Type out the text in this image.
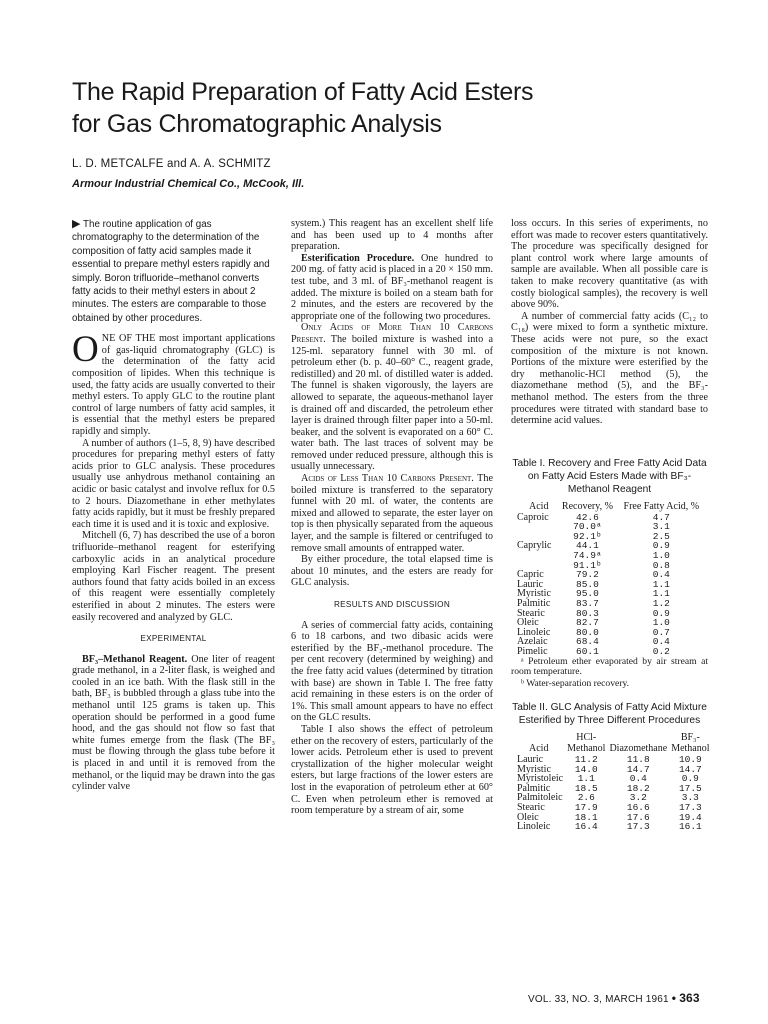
The Rapid Preparation of Fatty Acid Esters
for Gas Chromatographic Analysis
L. D. METCALFE and A. A. SCHMITZ
Armour Industrial Chemical Co., McCook, Ill.

▶ The routine application of gas chromatography to the determination of the composition of fatty acid samples made it essential to prepare methyl esters rapidly and simply. Boron trifluoride–methanol converts fatty acids to their methyl esters in about 2 minutes. The esters are comparable to those obtained by other procedures.

ONE OF THE most important applications of gas-liquid chromatography (GLC) is the determination of the fatty acid composition of lipides. When this technique is used, the fatty acids are usually converted to their methyl esters. To apply GLC to the routine plant control of large numbers of fatty acid samples, it is essential that the methyl esters be prepared rapidly and simply.

A number of authors (1–5, 8, 9) have described procedures for preparing methyl esters of fatty acids prior to GLC analysis. These procedures usually use anhydrous methanol containing an acidic or basic catalyst and involve reflux for 0.5 to 2 hours. Diazomethane in ether methylates fatty acids rapidly, but it must be freshly prepared each time it is used and it is toxic and explosive.

Mitchell (6, 7) has described the use of a boron trifluoride–methanol reagent for esterifying carboxylic acids in an analytical procedure employing Karl Fischer reagent. The present authors found that fatty acids boiled in an excess of this reagent were essentially completely esterified in about 2 minutes. The esters were easily recovered and analyzed by GLC.

EXPERIMENTAL

BF₃–Methanol Reagent. One liter of reagent grade methanol, in a 2-liter flask, is weighed and cooled in an ice bath. With the flask still in the bath, BF₃ is bubbled through a glass tube into the methanol until 125 grams is taken up. This operation should be performed in a good fume hood, and the gas should not flow so fast that white fumes emerge from the flask (The BF₃ must be flowing through the glass tube before it is placed in and until it is removed from the methanol, or the liquid may be drawn into the gas cylinder valve

system.) This reagent has an excellent shelf life and has been used up to 4 months after preparation.

Esterification Procedure. One hundred to 200 mg. of fatty acid is placed in a 20 × 150 mm. test tube, and 3 ml. of BF₃-methanol reagent is added. The mixture is boiled on a steam bath for 2 minutes, and the esters are recovered by the appropriate one of the following two procedures.

Only Acids of More Than 10 Carbons Present. The boiled mixture is washed into a 125-ml. separatory funnel with 30 ml. of petroleum ether (b. p. 40–60° C., reagent grade, redistilled) and 20 ml. of distilled water is added. The funnel is shaken vigorously, the layers are allowed to separate, the aqueous-methanol layer is drained off and discarded, the petroleum ether layer is drained through filter paper into a 50-ml. beaker, and the solvent is evaporated on a 60° C. water bath. The last traces of solvent may be removed under reduced pressure, although this is usually unnecessary.

Acids of Less Than 10 Carbons Present. The boiled mixture is transferred to the separatory funnel with 20 ml. of water, the contents are mixed and allowed to separate, the ester layer on top is then physically separated from the aqueous layer, and the sample is filtered or centrifuged to remove small amounts of entrapped water.

By either procedure, the total elapsed time is about 10 minutes, and the esters are ready for GLC analysis.

RESULTS AND DISCUSSION

A series of commercial fatty acids, containing 6 to 18 carbons, and two dibasic acids were esterified by the BF₃-methanol procedure. The per cent recovery (determined by weighing) and the free fatty acid values (determined by titration with base) are shown in Table I. The free fatty acid remaining in these esters is on the order of 1%. This small amount appears to have no effect on the GLC results.

Table I also shows the effect of petroleum ether on the recovery of esters, particularly of the lower acids. Petroleum ether is used to prevent crystallization of the higher molecular weight esters, but large fractions of the lower esters are lost in the evaporation of petroleum ether at 60° C. Even when petroleum ether is removed at room temperature by a stream of air, some

loss occurs. In this series of experiments, no effort was made to recover esters quantitatively. The procedure was specifically designed for plant control work where large amounts of sample are available. When all possible care is taken to make recovery quantitative (as with costly biological samples), the recovery is well above 90%.

A number of commercial fatty acids (C₁₂ to C₁₈) were mixed to form a synthetic mixture. These acids were not pure, so the exact composition of the mixture is not known. Portions of the mixture were esterified by the dry methanolic-HCl method (5), the diazomethane method (5), and the BF₃-methanol method. The esters from the three procedures were titrated with standard base to determine acid values.

Table I. Recovery and Free Fatty Acid Data on Fatty Acid Esters Made with BF₃-Methanol Reagent
Acid	Recovery, %	Free Fatty Acid, %
Caproic	42.6	4.7
	70.0ᵃ	3.1
	92.1ᵇ	2.5
Caprylic	44.1	0.9
	74.9ᵃ	1.0
	91.1ᵇ	0.8
Capric	79.2	0.4
Lauric	85.0	1.1
Myristic	95.0	1.1
Palmitic	83.7	1.2
Stearic	80.3	0.9
Oleic	82.7	1.0
Linoleic	80.0	0.7
Azelaic	68.4	0.4
Pimelic	60.1	0.2

ᵃ Petroleum ether evaporated by air stream at room temperature.

ᵇ Water-separation recovery.

Table II. GLC Analysis of Fatty Acid Mixture Esterified by Three Different Procedures
Acid	HCl-Methanol	Diazomethane	BF₃-Methanol
Lauric	11.2	11.8	10.9
Myristic	14.0	14.7	14.7
Myristoleic	1.1	0.4	0.9
Palmitic	18.5	18.2	17.5
Palmitoleic	2.6	3.2	3.3
Stearic	17.9	16.6	17.3
Oleic	18.1	17.6	19.4
Linoleic	16.4	17.3	16.1
VOL. 33, NO. 3, MARCH 1961 • 363
